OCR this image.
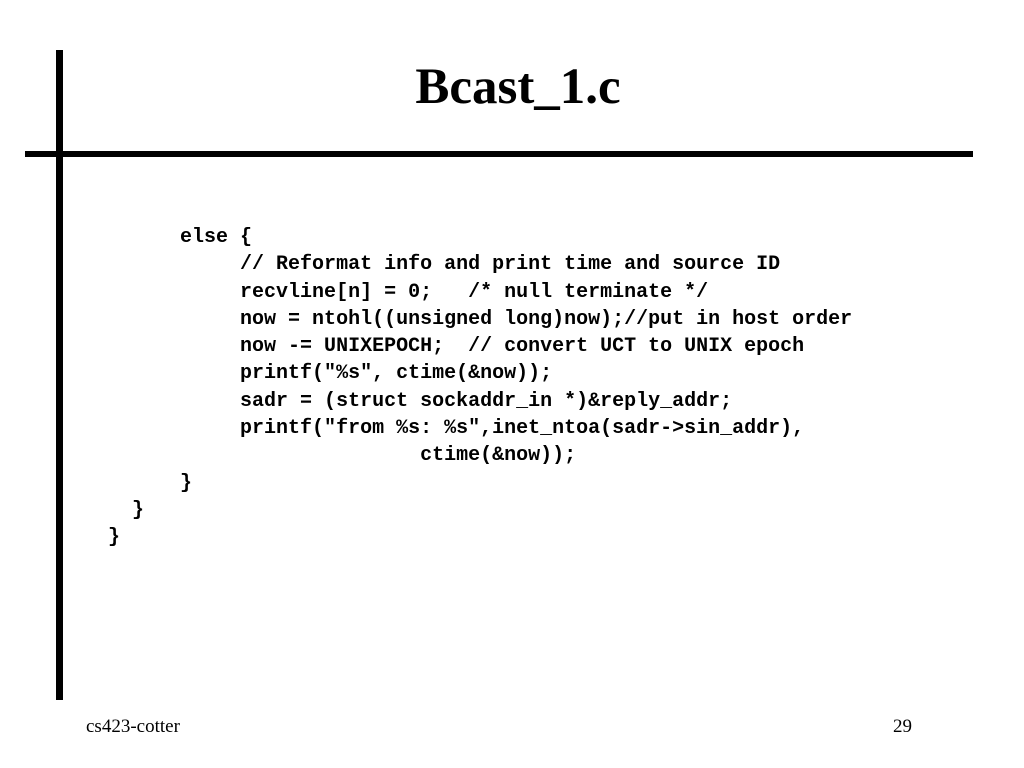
Bcast_1.c
else {
// Reformat info and print time and source ID
recvline[n] = 0;   /* null terminate */
now = ntohl((unsigned long)now);//put in host order
now -= UNIXEPOCH;  // convert UCT to UNIX epoch
printf("%s", ctime(&now));
sadr = (struct sockaddr_in *)&reply_addr;
printf("from %s: %s",inet_ntoa(sadr->sin_addr),
ctime(&now));
}
}
}
cs423-cotter	29
